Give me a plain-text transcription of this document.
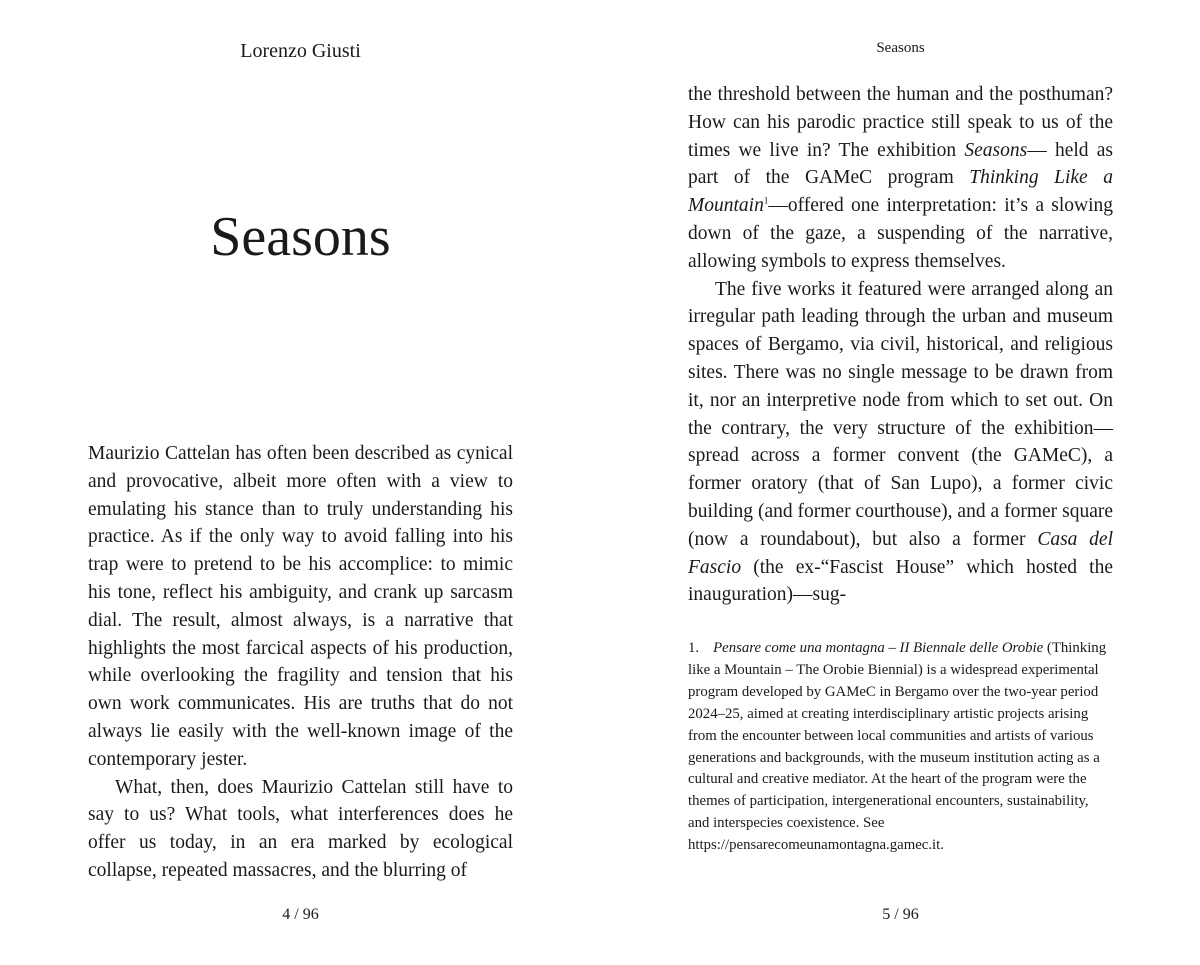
Lorenzo Giusti
Seasons

Maurizio Cattelan has often been described as cynical and provocative, albeit more often with a view to emulating his stance than to truly understanding his practice. As if the only way to avoid falling into his trap were to pretend to be his accomplice: to mimic his tone, reflect his ambiguity, and crank up sarcasm dial. The result, almost always, is a narrative that highlights the most farcical aspects of his production, while overlooking the fragility and tension that his own work communicates. His are truths that do not always lie easily with the well-known image of the contemporary jester.

What, then, does Maurizio Cattelan still have to say to us? What tools, what interferences does he offer us today, in an era marked by ecological collapse, repeated massacres, and the blurring of

4 / 96
Seasons

the threshold between the human and the posthuman? How can his parodic practice still speak to us of the times we live in? The exhibition Seasons— held as part of the GAMeC program Thinking Like a Mountain$^1$—offered one interpretation: it’s a slowing down of the gaze, a suspending of the narrative, allowing symbols to express themselves.

The five works it featured were arranged along an irregular path leading through the urban and museum spaces of Bergamo, via civil, historical, and religious sites. There was no single message to be drawn from it, nor an interpretive node from which to set out. On the contrary, the very structure of the exhibition—spread across a former convent (the GAMeC), a former oratory (that of San Lupo), a former civic building (and former courthouse), and a former square (now a roundabout), but also a former Casa del Fascio (the ex-“Fascist House” which hosted the inauguration)—sug-

1. Pensare come una montagna – II Biennale delle Orobie (Thinking like a Mountain – The Orobie Biennial) is a widespread experimental program developed by GAMeC in Bergamo over the two-year period 2024–25, aimed at creating interdisciplinary artistic projects arising from the encounter between local communities and artists of various generations and backgrounds, with the museum institution acting as a cultural and creative mediator. At the heart of the program were the themes of participation, intergenerational encounters, sustainability, and interspecies coexistence. See https://pensarecomeunamontagna.gamec.it.

5 / 96
